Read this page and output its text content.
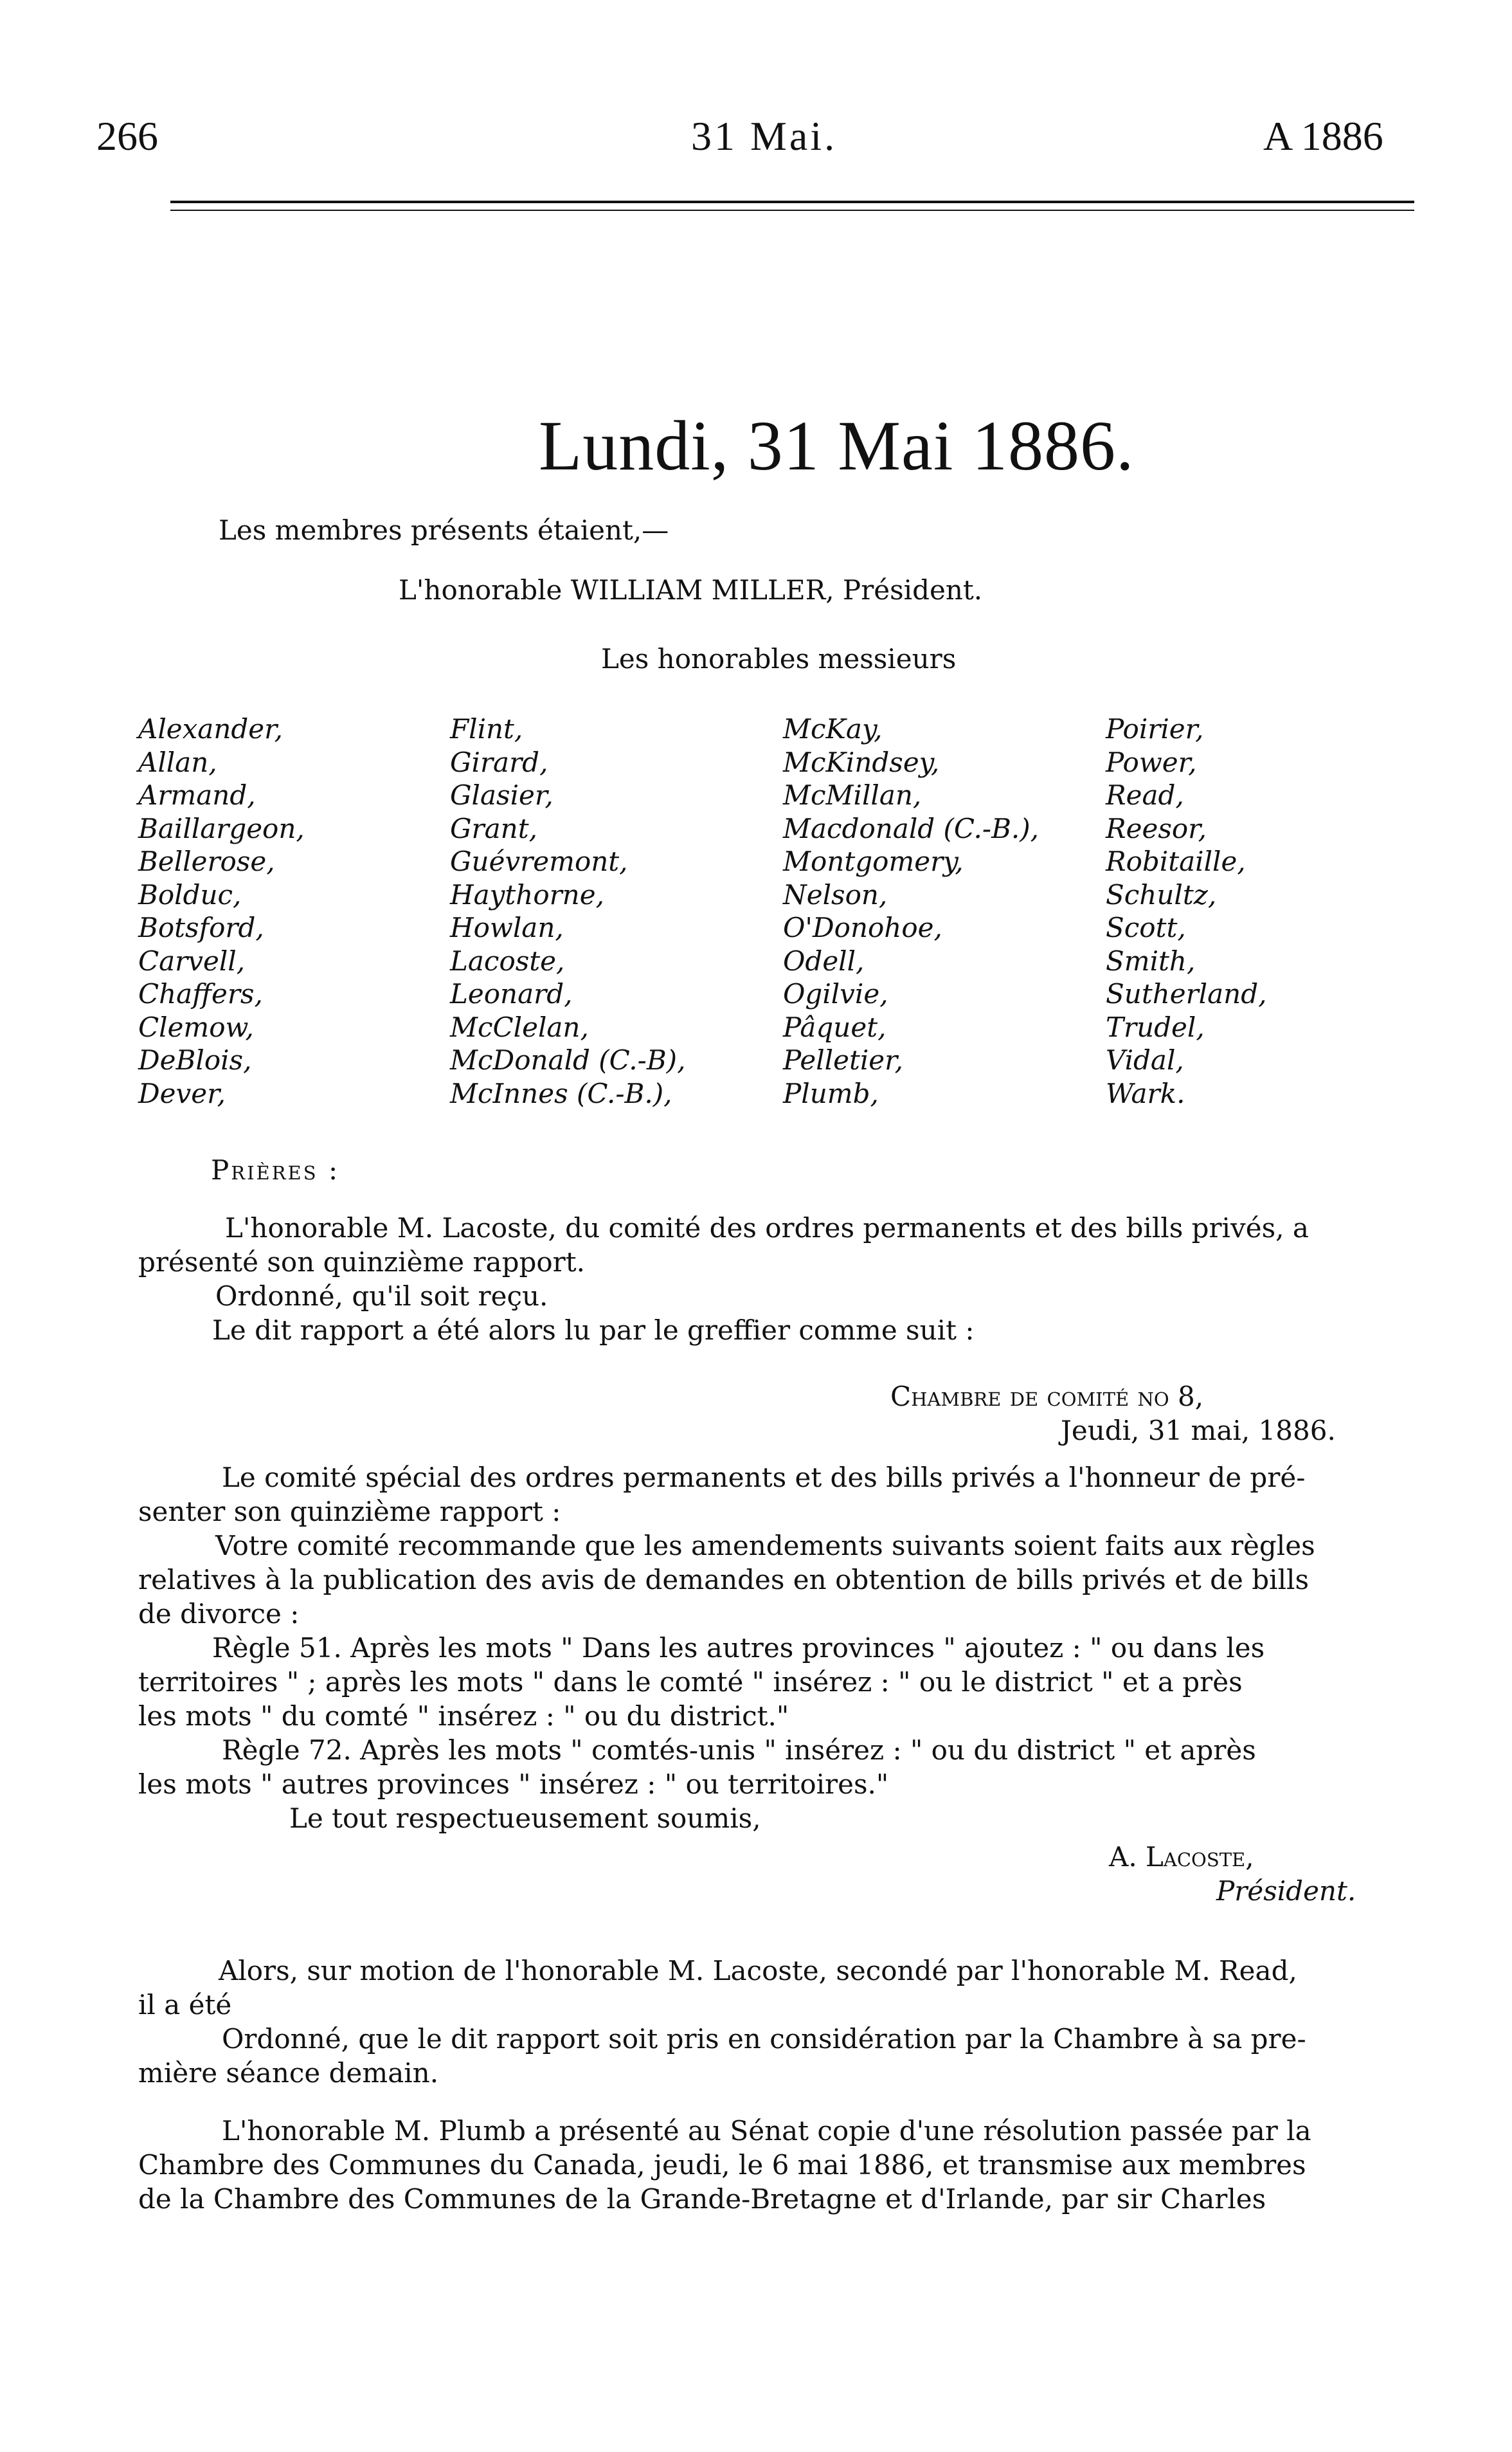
266	31 Mai.	A 1886
Lundi, 31 Mai 1886.
Les membres présents étaient,—
L'honorable WILLIAM MILLER, Président.
Les honorables messieurs
Alexander,
Allan,
Armand,
Baillargeon,
Bellerose,
Bolduc,
Botsford,
Carvell,
Chaffers,
Clemow,
DeBlois,
Dever,
Flint,
Girard,
Glasier,
Grant,
Guévremont,
Haythorne,
Howlan,
Lacoste,
Leonard,
McClelan,
McDonald (C.-B),
McInnes (C.-B.),
McKay,
McKindsey,
McMillan,
Macdonald (C.-B.),
Montgomery,
Nelson,
O'Donohoe,
Odell,
Ogilvie,
Pâquet,
Pelletier,
Plumb,
Poirier,
Power,
Read,
Reesor,
Robitaille,
Schultz,
Scott,
Smith,
Sutherland,
Trudel,
Vidal,
Wark.
Prières :
L'honorable M. Lacoste, du comité des ordres permanents et des bills privés, a
présenté son quinzième rapport.
Ordonné, qu'il soit reçu.
Le dit rapport a été alors lu par le greffier comme suit :
Chambre de comité no 8,
Jeudi, 31 mai, 1886.
Le comité spécial des ordres permanents et des bills privés a l'honneur de pré-
senter son quinzième rapport :
Votre comité recommande que les amendements suivants soient faits aux règles
relatives à la publication des avis de demandes en obtention de bills privés et de bills
de divorce :
Règle 51. Après les mots " Dans les autres provinces " ajoutez : " ou dans les
territoires " ; après les mots " dans le comté " insérez : " ou le district " et a près
les mots " du comté " insérez : " ou du district."
Règle 72. Après les mots " comtés-unis " insérez : " ou du district " et après
les mots " autres provinces " insérez : " ou territoires."
Le tout respectueusement soumis,
A. Lacoste,
Président.
Alors, sur motion de l'honorable M. Lacoste, secondé par l'honorable M. Read,
il a été
Ordonné, que le dit rapport soit pris en considération par la Chambre à sa pre-
mière séance demain.
L'honorable M. Plumb a présenté au Sénat copie d'une résolution passée par la
Chambre des Communes du Canada, jeudi, le 6 mai 1886, et transmise aux membres
de la Chambre des Communes de la Grande-Bretagne et d'Irlande, par sir Charles
